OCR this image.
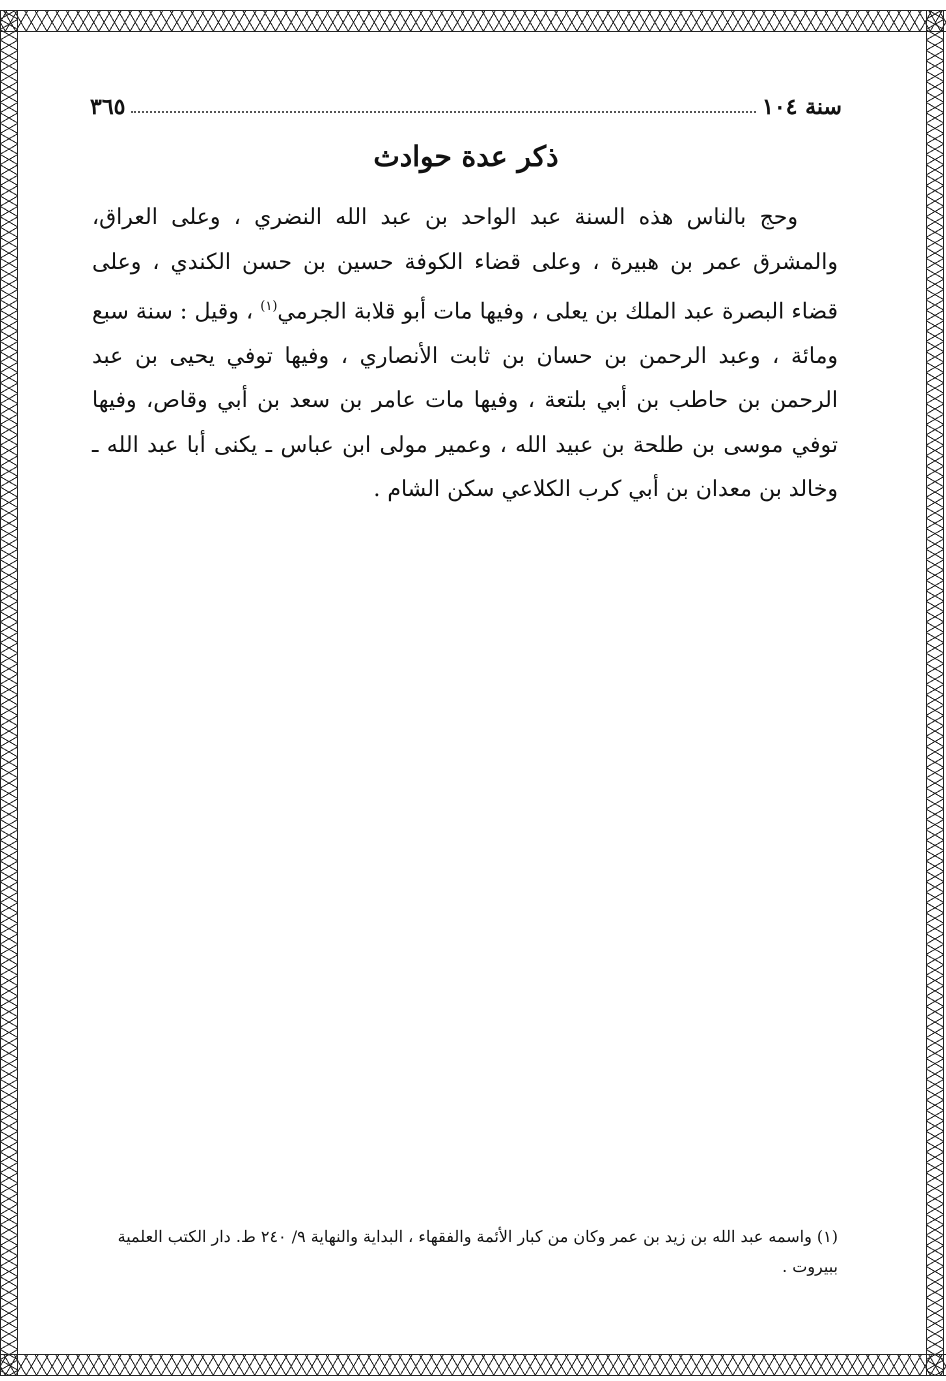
سنة ١٠٤
٣٦٥
ذكر عدة حوادث

وحج بالناس هذه السنة عبد الواحد بن عبد الله النضري ، وعلى العراق، والمشرق عمر بن هبيرة ، وعلى قضاء الكوفة حسين بن حسن الكندي ، وعلى قضاء البصرة عبد الملك بن يعلى ، وفيها مات أبو قلابة الجرمي$^{(١)}$ ، وقيل : سنة سبع ومائة ، وعبد الرحمن بن حسان بن ثابت الأنصاري ، وفيها توفي يحيى بن عبد الرحمن بن حاطب بن أبي بلتعة ، وفيها مات عامر بن سعد بن أبي وقاص، وفيها توفي موسى بن طلحة بن عبيد الله ، وعمير مولى ابن عباس ـ يكنى أبا عبد الله ـ وخالد بن معدان بن أبي كرب الكلاعي سكن الشام .

(١) واسمه عبد الله بن زيد بن عمر وكان من كبار الأئمة والفقهاء ، البداية والنهاية ٩/ ٢٤٠ ط. دار الكتب العلمية ببيروت .
